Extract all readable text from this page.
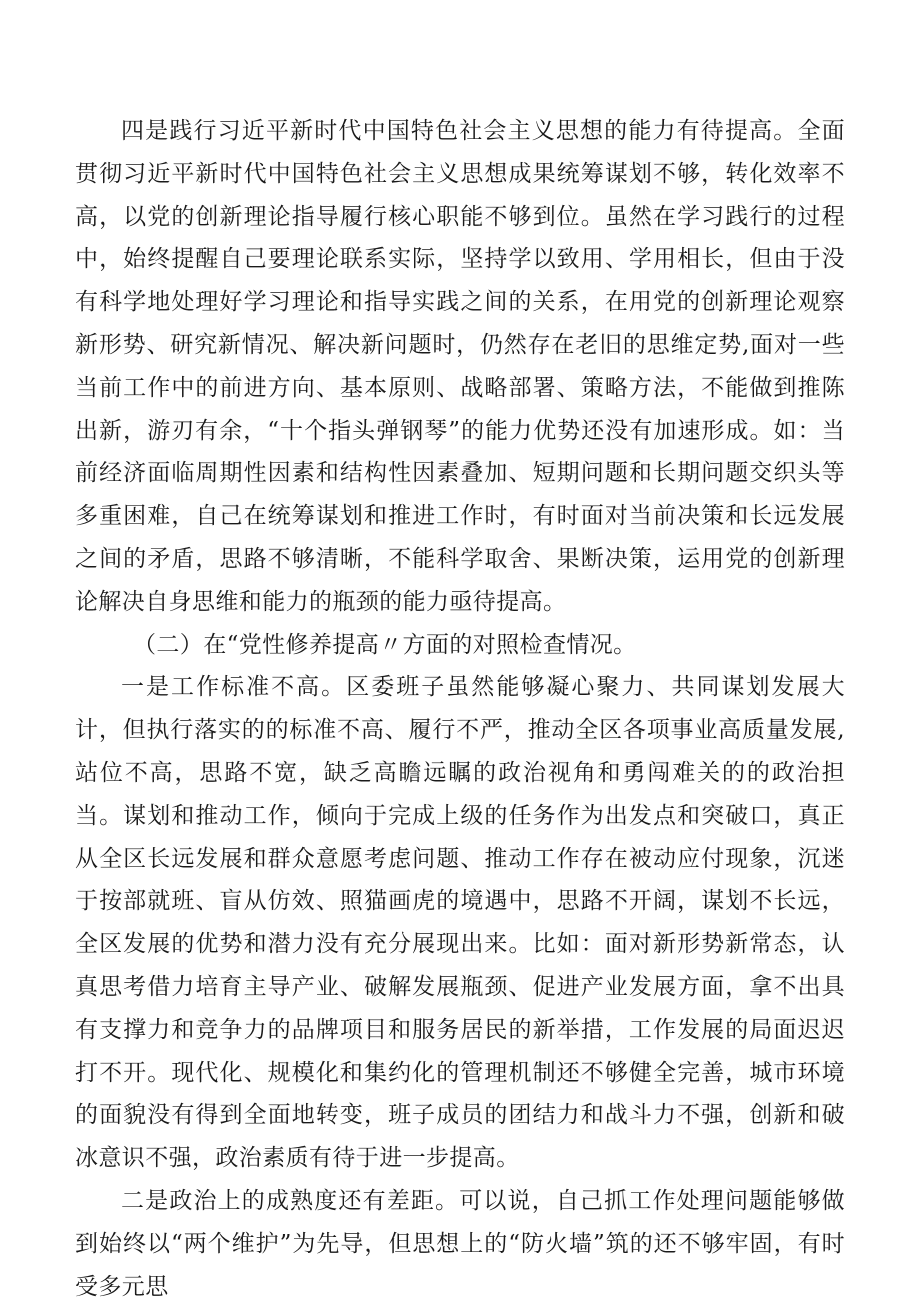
四是践行习近平新时代中国特色社会主义思想的能力有待提高。全面贯彻习近平新时代中国特色社会主义思想成果统筹谋划不够，转化效率不高，以党的创新理论指导履行核心职能不够到位。虽然在学习践行的过程中，始终提醒自己要理论联系实际，坚持学以致用、学用相长，但由于没有科学地处理好学习理论和指导实践之间的关系，在用党的创新理论观察新形势、研究新情况、解决新问题时，仍然存在老旧的思维定势,面对一些当前工作中的前进方向、基本原则、战略部署、策略方法，不能做到推陈出新，游刃有余，“十个指头弹钢琴”的能力优势还没有加速形成。如：当前经济面临周期性因素和结构性因素叠加、短期问题和长期问题交织头等多重困难，自己在统筹谋划和推进工作时，有时面对当前决策和长远发展之间的矛盾，思路不够清晰，不能科学取舍、果断决策，运用党的创新理论解决自身思维和能力的瓶颈的能力亟待提高。

（二）在“党性修养提高〃方面的对照检查情况。

一是工作标准不高。区委班子虽然能够凝心聚力、共同谋划发展大计，但执行落实的的标准不高、履行不严，推动全区各项事业高质量发展,站位不高，思路不宽，缺乏高瞻远瞩的政治视角和勇闯难关的的政治担当。谋划和推动工作，倾向于完成上级的任务作为出发点和突破口，真正从全区长远发展和群众意愿考虑问题、推动工作存在被动应付现象，沉迷于按部就班、盲从仿效、照猫画虎的境遇中，思路不开阔，谋划不长远，全区发展的优势和潜力没有充分展现出来。比如：面对新形势新常态，认真思考借力培育主导产业、破解发展瓶颈、促进产业发展方面，拿不出具有支撑力和竞争力的品牌项目和服务居民的新举措，工作发展的局面迟迟打不开。现代化、规模化和集约化的管理机制还不够健全完善，城市环境的面貌没有得到全面地转变，班子成员的团结力和战斗力不强，创新和破冰意识不强，政治素质有待于进一步提高。

二是政治上的成熟度还有差距。可以说，自己抓工作处理问题能够做到始终以“两个维护”为先导，但思想上的“防火墙”筑的还不够牢固，有时受多元思
